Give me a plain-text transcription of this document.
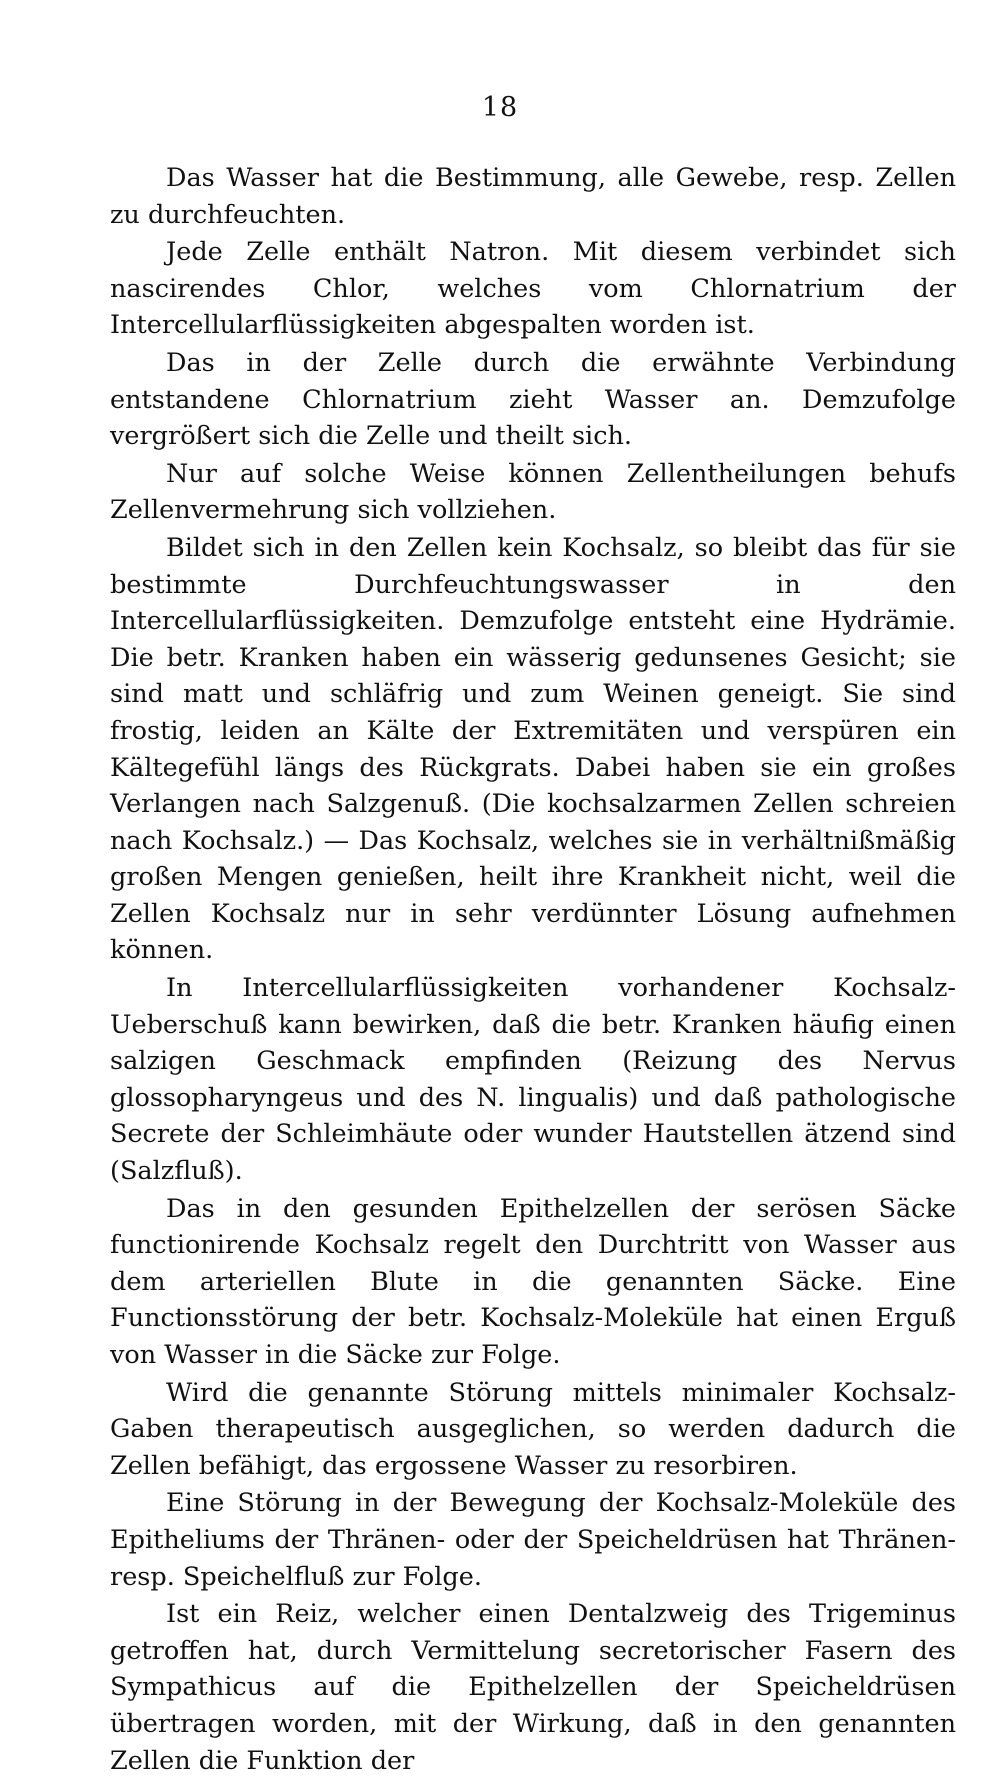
18

Das Wasser hat die Bestimmung, alle Gewebe, resp. Zellen zu durchfeuchten.

Jede Zelle enthält Natron. Mit diesem verbindet sich nascirendes Chlor, welches vom Chlornatrium der Intercellularflüssigkeiten abgespalten worden ist.

Das in der Zelle durch die erwähnte Verbindung entstandene Chlornatrium zieht Wasser an. Demzufolge vergrößert sich die Zelle und theilt sich.

Nur auf solche Weise können Zellentheilungen behufs Zellenvermehrung sich vollziehen.

Bildet sich in den Zellen kein Kochsalz, so bleibt das für sie bestimmte Durchfeuchtungswasser in den Intercellularflüssigkeiten. Demzufolge entsteht eine Hydrämie. Die betr. Kranken haben ein wässerig gedunsenes Gesicht; sie sind matt und schläfrig und zum Weinen geneigt. Sie sind frostig, leiden an Kälte der Extremitäten und verspüren ein Kältegefühl längs des Rückgrats. Dabei haben sie ein großes Verlangen nach Salzgenuß. (Die kochsalzarmen Zellen schreien nach Kochsalz.) — Das Kochsalz, welches sie in verhältnißmäßig großen Mengen genießen, heilt ihre Krankheit nicht, weil die Zellen Kochsalz nur in sehr verdünnter Lösung aufnehmen können.

In Intercellularflüssigkeiten vorhandener Kochsalz-Ueberschuß kann bewirken, daß die betr. Kranken häufig einen salzigen Geschmack empfinden (Reizung des Nervus glossopharyngeus und des N. lingualis) und daß pathologische Secrete der Schleimhäute oder wunder Hautstellen ätzend sind (Salzfluß).

Das in den gesunden Epithelzellen der serösen Säcke functionirende Kochsalz regelt den Durchtritt von Wasser aus dem arteriellen Blute in die genannten Säcke. Eine Functionsstörung der betr. Kochsalz-Moleküle hat einen Erguß von Wasser in die Säcke zur Folge.

Wird die genannte Störung mittels minimaler Kochsalz-Gaben therapeutisch ausgeglichen, so werden dadurch die Zellen befähigt, das ergossene Wasser zu resorbiren.

Eine Störung in der Bewegung der Kochsalz-Moleküle des Epitheliums der Thränen- oder der Speicheldrüsen hat Thränen- resp. Speichelfluß zur Folge.

Ist ein Reiz, welcher einen Dentalzweig des Trigeminus getroffen hat, durch Vermittelung secretorischer Fasern des Sympathicus auf die Epithelzellen der Speicheldrüsen übertragen worden, mit der Wirkung, daß in den genannten Zellen die Funktion der
